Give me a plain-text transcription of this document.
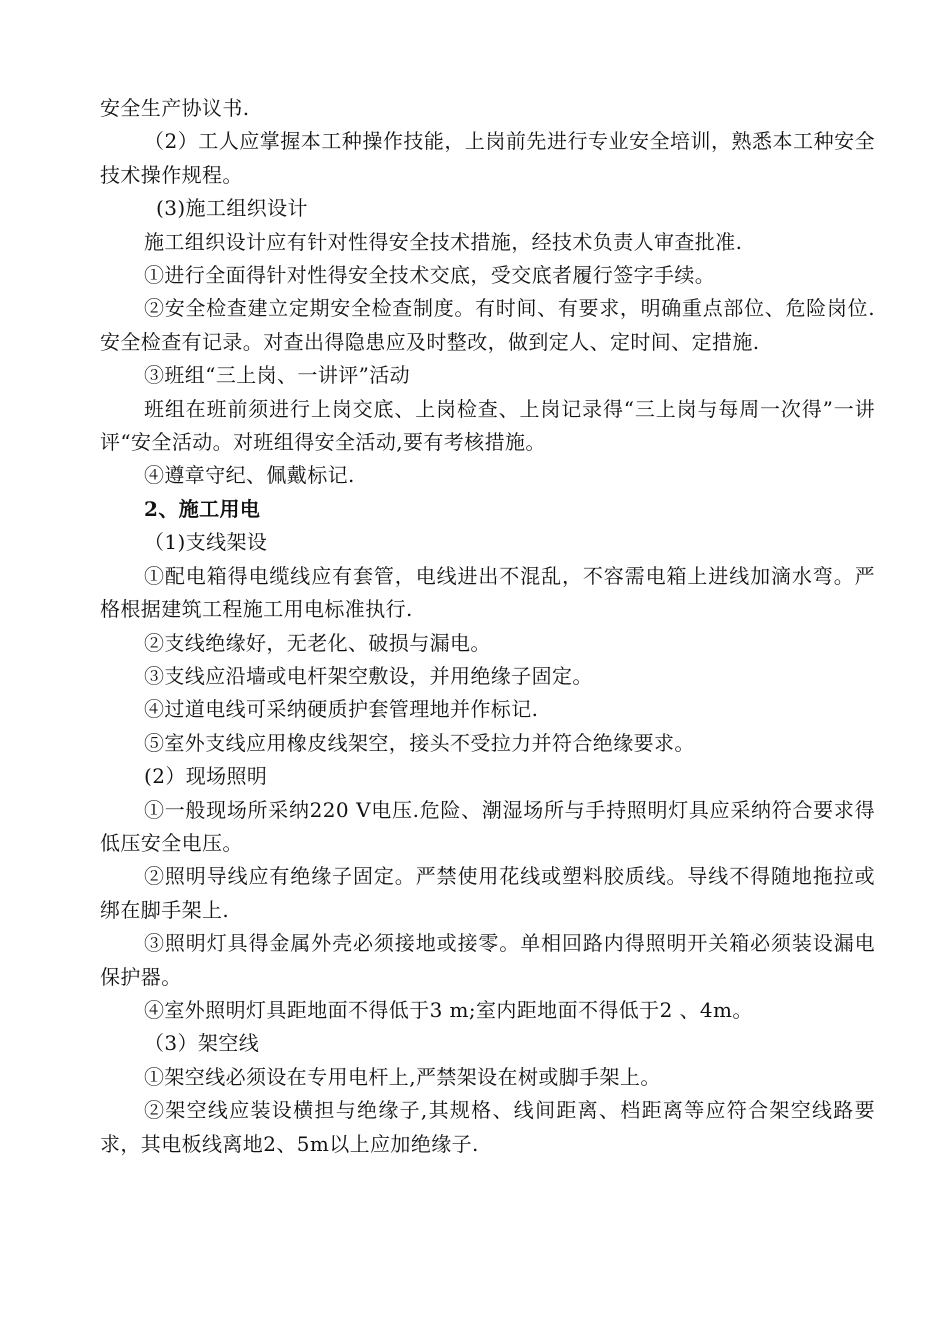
安全生产协议书.

（2）工人应掌握本工种操作技能，上岗前先进行专业安全培训，熟悉本工种安全技术操作规程。

(3)施工组织设计

施工组织设计应有针对性得安全技术措施，经技术负责人审查批准.

①进行全面得针对性得安全技术交底，受交底者履行签字手续。

②安全检查建立定期安全检查制度。有时间、有要求，明确重点部位、危险岗位.安全检查有记录。对查出得隐患应及时整改，做到定人、定时间、定措施.

③班组“三上岗、一讲评”活动

班组在班前须进行上岗交底、上岗检查、上岗记录得“三上岗与每周一次得”一讲评“安全活动。对班组得安全活动,要有考核措施。

④遵章守纪、佩戴标记.

2、施工用电

（1)支线架设

①配电箱得电缆线应有套管，电线进出不混乱，不容需电箱上进线加滴水弯。严格根据建筑工程施工用电标准执行.

②支线绝缘好，无老化、破损与漏电。

③支线应沿墙或电杆架空敷设，并用绝缘子固定。

④过道电线可采纳硬质护套管理地并作标记.

⑤室外支线应用橡皮线架空，接头不受拉力并符合绝缘要求。

(2）现场照明

①一般现场所采纳220 V电压.危险、潮湿场所与手持照明灯具应采纳符合要求得低压安全电压。

②照明导线应有绝缘子固定。严禁使用花线或塑料胶质线。导线不得随地拖拉或绑在脚手架上.

③照明灯具得金属外壳必须接地或接零。单相回路内得照明开关箱必须装设漏电保护器。

④室外照明灯具距地面不得低于3 m;室内距地面不得低于2 、4m。

（3）架空线

①架空线必须设在专用电杆上,严禁架设在树或脚手架上。

②架空线应装设横担与绝缘子,其规格、线间距离、档距离等应符合架空线路要求，其电板线离地2、5m以上应加绝缘子.
